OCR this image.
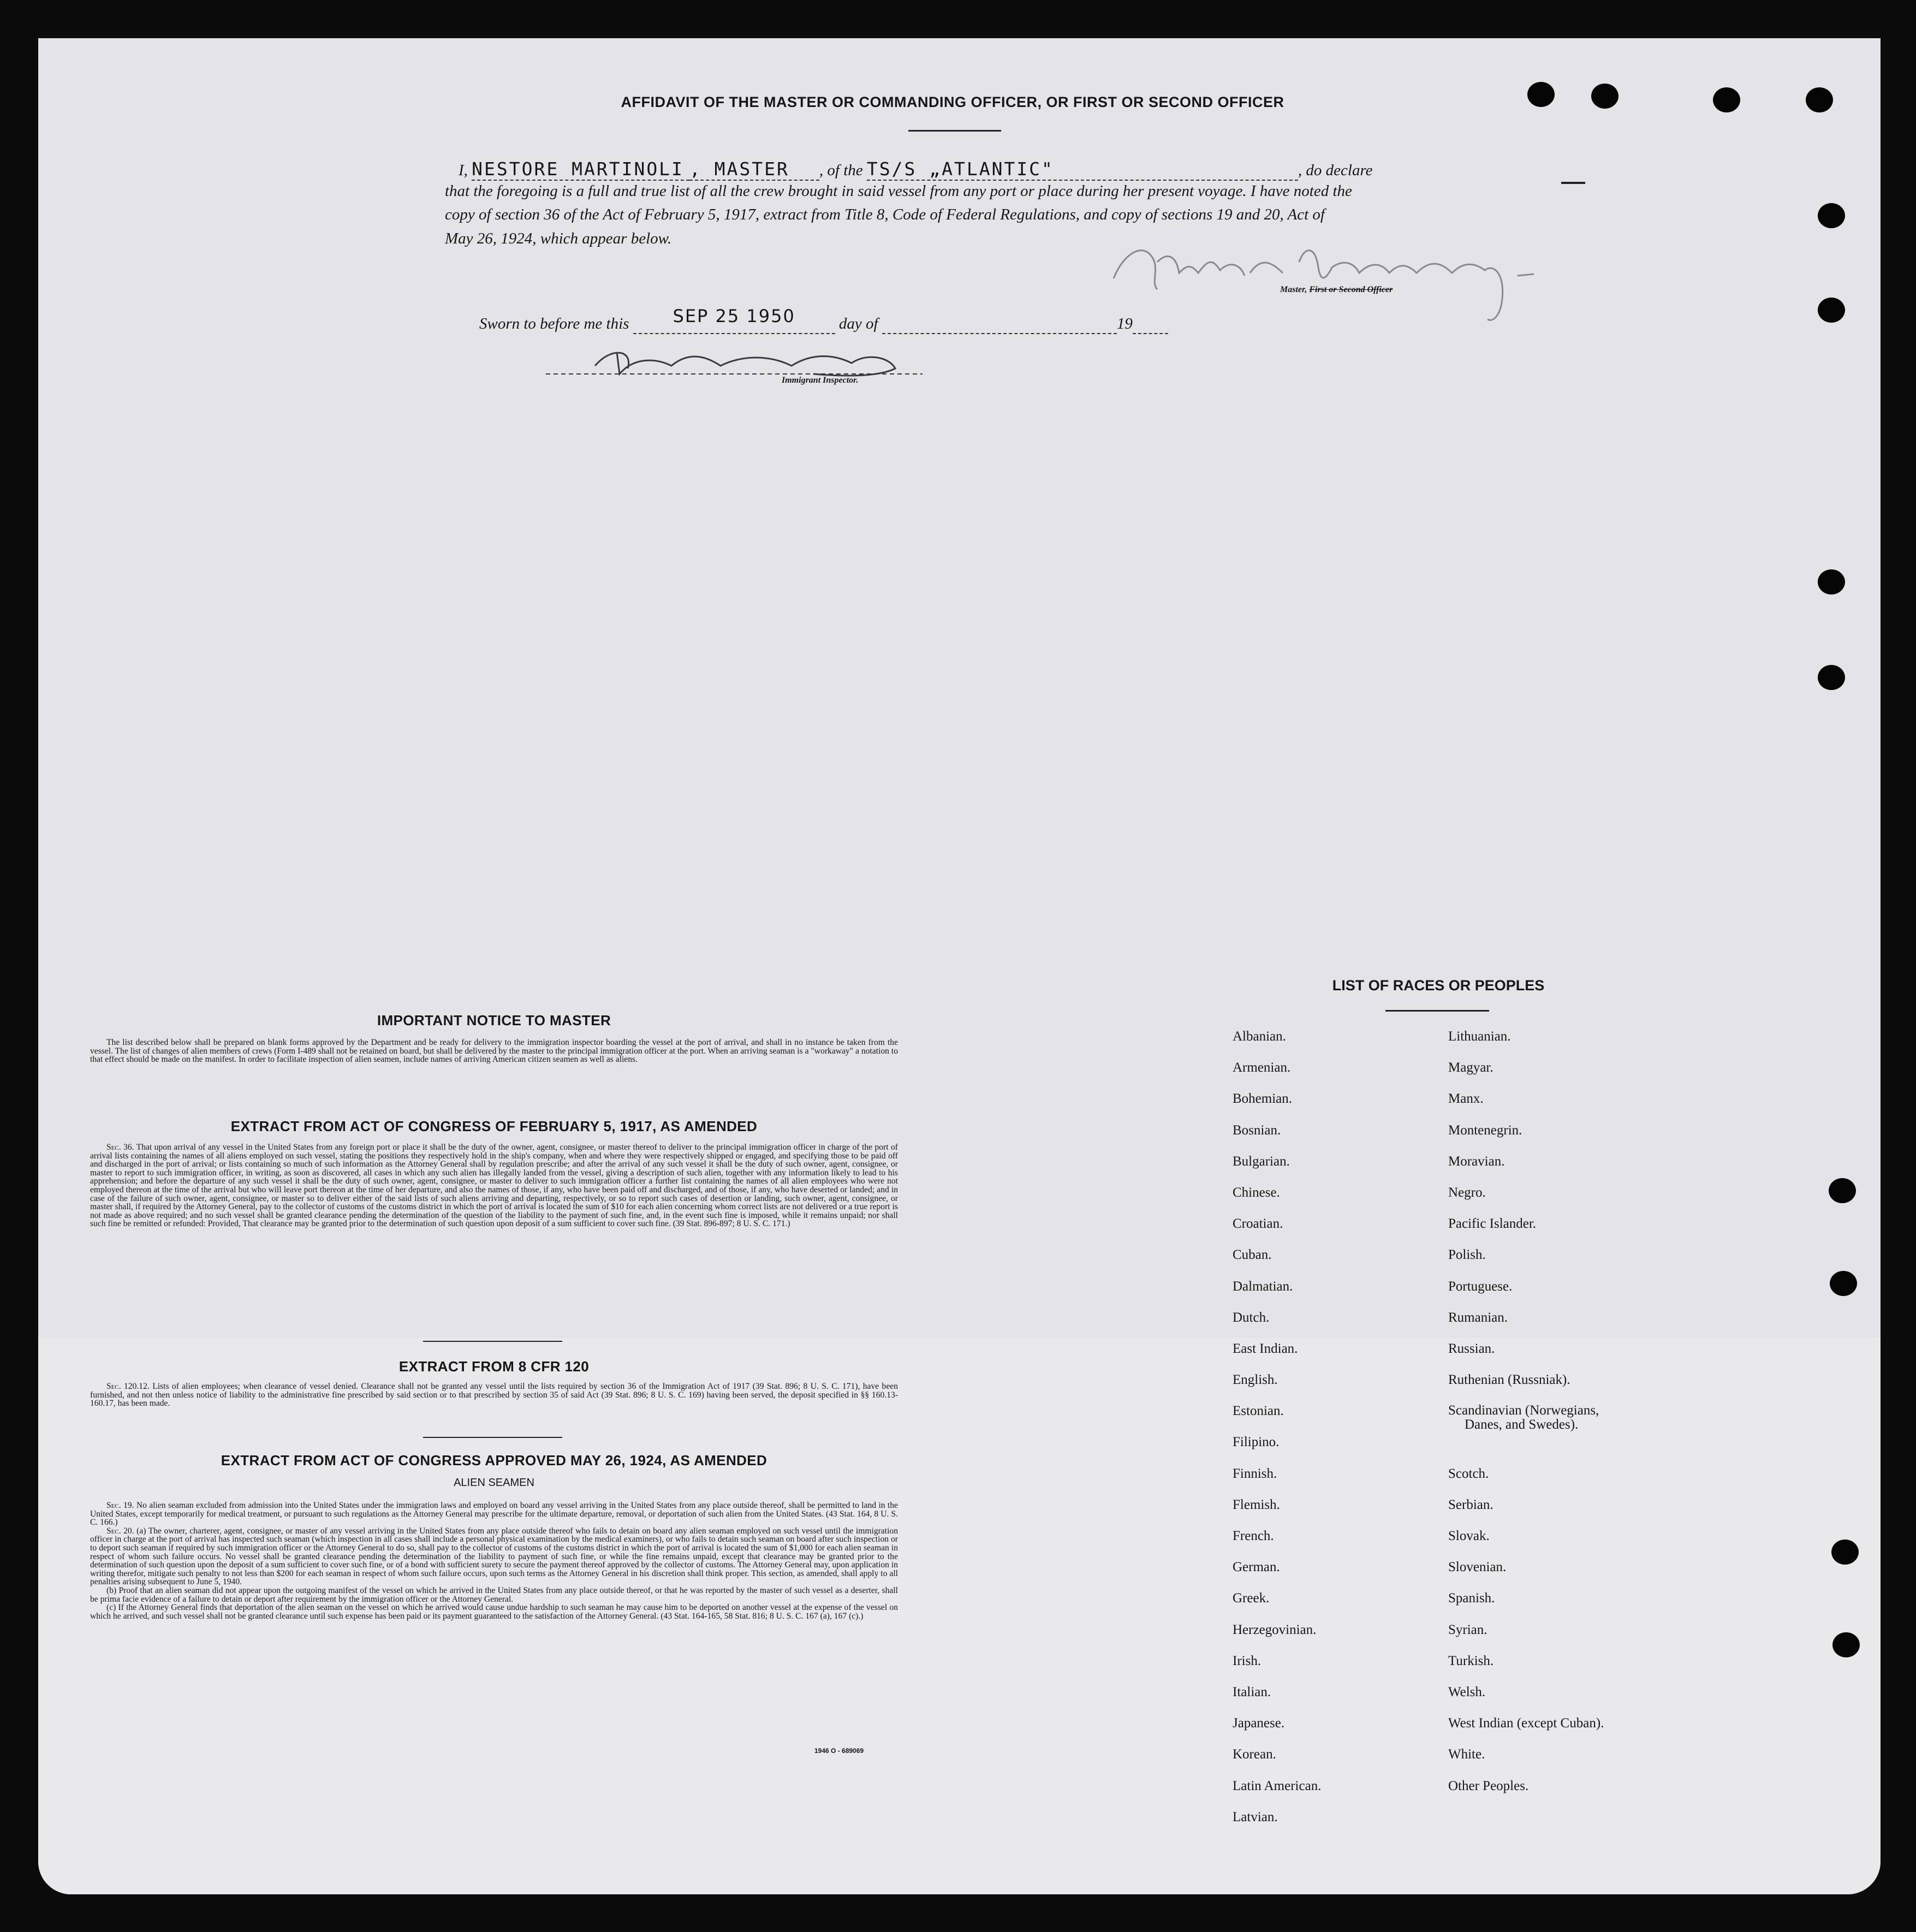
AFFIDAVIT OF THE MASTER OR COMMANDING OFFICER, OR FIRST OR SECOND OFFICER
I, NESTORE MARTINOLI , MASTER , of the TS/S „ATLANTIC"	, do declare
that the foregoing is a full and true list of all the crew brought in said vessel from any port or place during her present voyage. I have noted the
copy of section 36 of the Act of February 5, 1917, extract from Title 8, Code of Federal Regulations, and copy of sections 19 and 20, Act of
May 26, 1924, which appear below.
Master, First or Second Officer
Sworn to before me this	SEP 25 1950	day of	19
Immigrant Inspector.
IMPORTANT NOTICE TO MASTER
The list described below shall be prepared on blank forms approved by the Department and be ready for delivery to the immigration inspector boarding the vessel at the port of arrival, and shall in no instance be taken from the vessel. The list of changes of alien members of crews (Form I-489 shall not be retained on board, but shall be delivered by the master to the principal immigration officer at the port. When an arriving seaman is a "workaway" a notation to that effect should be made on the manifest. In order to facilitate inspection of alien seamen, include names of arriving American citizen seamen as well as aliens.
EXTRACT FROM ACT OF CONGRESS OF FEBRUARY 5, 1917, AS AMENDED
Sec. 36. That upon arrival of any vessel in the United States from any foreign port or place it shall be the duty of the owner, agent, consignee, or master thereof to deliver to the principal immigration officer in charge of the port of arrival lists containing the names of all aliens employed on such vessel, stating the positions they respectively hold in the ship's company, when and where they were respectively shipped or engaged, and specifying those to be paid off and discharged in the port of arrival; or lists containing so much of such information as the Attorney General shall by regulation prescribe; and after the arrival of any such vessel it shall be the duty of such owner, agent, consignee, or master to report to such immigration officer, in writing, as soon as discovered, all cases in which any such alien has illegally landed from the vessel, giving a description of such alien, together with any information likely to lead to his apprehension; and before the departure of any such vessel it shall be the duty of such owner, agent, consignee, or master to deliver to such immigration officer a further list containing the names of all alien employees who were not employed thereon at the time of the arrival but who will leave port thereon at the time of her departure, and also the names of those, if any, who have been paid off and discharged, and of those, if any, who have deserted or landed; and in case of the failure of such owner, agent, consignee, or master so to deliver either of the said lists of such aliens arriving and departing, respectively, or so to report such cases of desertion or landing, such owner, agent, consignee, or master shall, if required by the Attorney General, pay to the collector of customs of the customs district in which the port of arrival is located the sum of $10 for each alien concerning whom correct lists are not delivered or a true report is not made as above required; and no such vessel shall be granted clearance pending the determination of the question of the liability to the payment of such fine, and, in the event such fine is imposed, while it remains unpaid; nor shall such fine be remitted or refunded: Provided, That clearance may be granted prior to the determination of such question upon deposit of a sum sufficient to cover such fine. (39 Stat. 896-897; 8 U. S. C. 171.)
EXTRACT FROM 8 CFR 120
Sec. 120.12. Lists of alien employees; when clearance of vessel denied. Clearance shall not be granted any vessel until the lists required by section 36 of the Immigration Act of 1917 (39 Stat. 896; 8 U. S. C. 171), have been furnished, and not then unless notice of liability to the administrative fine prescribed by said section or to that prescribed by section 35 of said Act (39 Stat. 896; 8 U. S. C. 169) having been served, the deposit specified in §§ 160.13-160.17, has been made.
EXTRACT FROM ACT OF CONGRESS APPROVED MAY 26, 1924, AS AMENDED
ALIEN SEAMEN
Sec. 19. No alien seaman excluded from admission into the United States under the immigration laws and employed on board any vessel arriving in the United States from any place outside thereof, shall be permitted to land in the United States, except temporarily for medical treatment, or pursuant to such regulations as the Attorney General may prescribe for the ultimate departure, removal, or deportation of such alien from the United States. (43 Stat. 164, 8 U. S. C. 166.)
Sec. 20. (a) The owner, charterer, agent, consignee, or master of any vessel arriving in the United States from any place outside thereof who fails to detain on board any alien seaman employed on such vessel until the immigration officer in charge at the port of arrival has inspected such seaman (which inspection in all cases shall include a personal physical examination by the medical examiners), or who fails to detain such seaman on board after such inspection or to deport such seaman if required by such immigration officer or the Attorney General to do so, shall pay to the collector of customs of the customs district in which the port of arrival is located the sum of $1,000 for each alien seaman in respect of whom such failure occurs. No vessel shall be granted clearance pending the determination of the liability to payment of such fine, or while the fine remains unpaid, except that clearance may be granted prior to the determination of such question upon the deposit of a sum sufficient to cover such fine, or of a bond with sufficient surety to secure the payment thereof approved by the collector of customs. The Attorney General may, upon application in writing therefor, mitigate such penalty to not less than $200 for each seaman in respect of whom such failure occurs, upon such terms as the Attorney General in his discretion shall think proper. This section, as amended, shall apply to all penalties arising subsequent to June 5, 1940.
(b) Proof that an alien seaman did not appear upon the outgoing manifest of the vessel on which he arrived in the United States from any place outside thereof, or that he was reported by the master of such vessel as a deserter, shall be prima facie evidence of a failure to detain or deport after requirement by the immigration officer or the Attorney General.
(c) If the Attorney General finds that deportation of the alien seaman on the vessel on which he arrived would cause undue hardship to such seaman he may cause him to be deported on another vessel at the expense of the vessel on which he arrived, and such vessel shall not be granted clearance until such expense has been paid or its payment guaranteed to the satisfaction of the Attorney General. (43 Stat. 164-165, 58 Stat. 816; 8 U. S. C. 167 (a), 167 (c).)
1946 O - 689069
LIST OF RACES OR PEOPLES
Albanian.
Armenian.
Bohemian.
Bosnian.
Bulgarian.
Chinese.
Croatian.
Cuban.
Dalmatian.
Dutch.
East Indian.
English.
Estonian.
Filipino.
Finnish.
Flemish.
French.
German.
Greek.
Herzegovinian.
Irish.
Italian.
Japanese.
Korean.
Latin American.
Latvian.
Lithuanian.
Magyar.
Manx.
Montenegrin.
Moravian.
Negro.
Pacific Islander.
Polish.
Portuguese.
Rumanian.
Russian.
Ruthenian (Russniak).
Scandinavian (Norwegians,
Danes, and Swedes).
Scotch.
Serbian.
Slovak.
Slovenian.
Spanish.
Syrian.
Turkish.
Welsh.
West Indian (except Cuban).
White.
Other Peoples.
